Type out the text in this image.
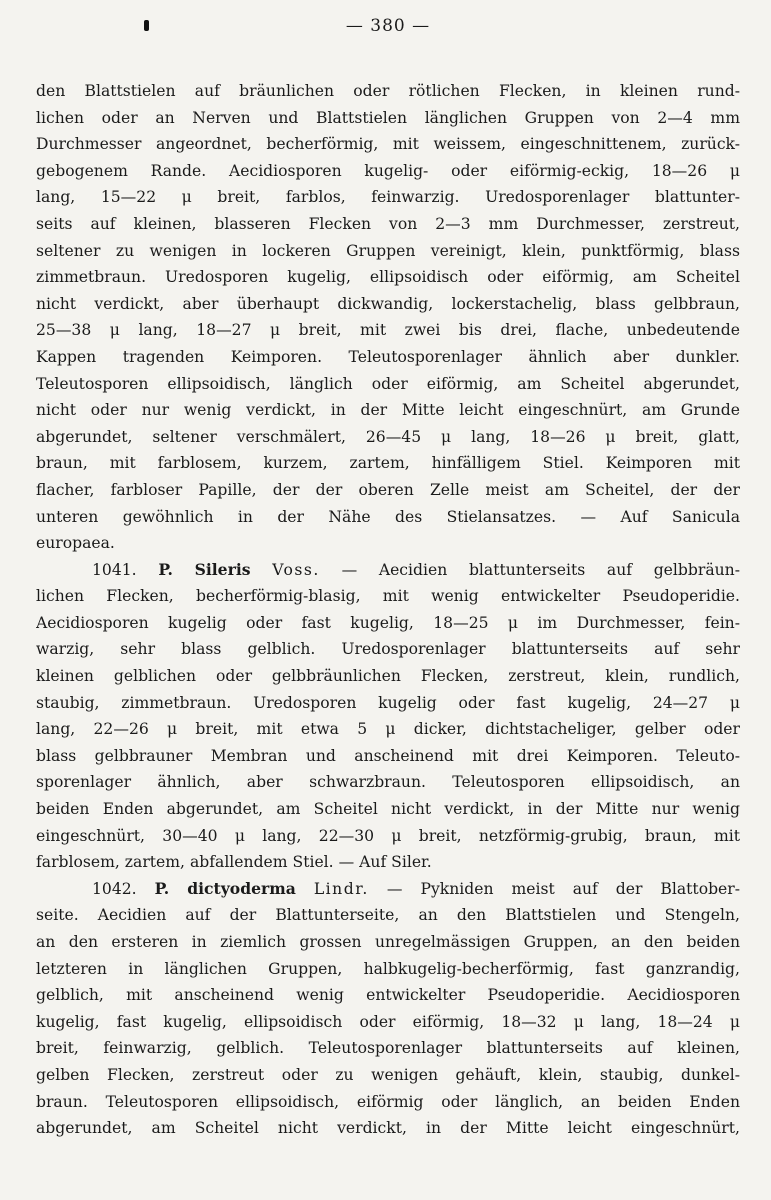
— 380 —
den Blattstielen auf bräunlichen oder rötlichen Flecken, in kleinen rund-
lichen oder an Nerven und Blattstielen länglichen Gruppen von 2—4 mm
Durchmesser angeordnet, becherförmig, mit weissem, eingeschnittenem, zurück-
gebogenem Rande. Aecidiosporen kugelig- oder eiförmig-eckig, 18—26 μ
lang, 15—22 μ breit, farblos, feinwarzig. Uredosporenlager blattunter-
seits auf kleinen, blasseren Flecken von 2—3 mm Durchmesser, zerstreut,
seltener zu wenigen in lockeren Gruppen vereinigt, klein, punktförmig, blass
zimmetbraun. Uredosporen kugelig, ellipsoidisch oder eiförmig, am Scheitel
nicht verdickt, aber überhaupt dickwandig, lockerstachelig, blass gelbbraun,
25—38 μ lang, 18—27 μ breit, mit zwei bis drei, flache, unbedeutende
Kappen tragenden Keimporen. Teleutosporenlager ähnlich aber dunkler.
Teleutosporen ellipsoidisch, länglich oder eiförmig, am Scheitel abgerundet,
nicht oder nur wenig verdickt, in der Mitte leicht eingeschnürt, am Grunde
abgerundet, seltener verschmälert, 26—45 μ lang, 18—26 μ breit, glatt,
braun, mit farblosem, kurzem, zartem, hinfälligem Stiel. Keimporen mit
flacher, farbloser Papille, der der oberen Zelle meist am Scheitel, der der
unteren gewöhnlich in der Nähe des Stielansatzes. — Auf Sanicula
europaea.
1041. P. Sileris Voss. — Aecidien blattunterseits auf gelbbräun-
lichen Flecken, becherförmig-blasig, mit wenig entwickelter Pseudoperidie.
Aecidiosporen kugelig oder fast kugelig, 18—25 μ im Durchmesser, fein-
warzig, sehr blass gelblich. Uredosporenlager blattunterseits auf sehr
kleinen gelblichen oder gelbbräunlichen Flecken, zerstreut, klein, rundlich,
staubig, zimmetbraun. Uredosporen kugelig oder fast kugelig, 24—27 μ
lang, 22—26 μ breit, mit etwa 5 μ dicker, dichtstacheliger, gelber oder
blass gelbbrauner Membran und anscheinend mit drei Keimporen. Teleuto-
sporenlager ähnlich, aber schwarzbraun. Teleutosporen ellipsoidisch, an
beiden Enden abgerundet, am Scheitel nicht verdickt, in der Mitte nur wenig
eingeschnürt, 30—40 μ lang, 22—30 μ breit, netzförmig-grubig, braun, mit
farblosem, zartem, abfallendem Stiel. — Auf Siler.
1042. P. dictyoderma Lindr. — Pykniden meist auf der Blattober-
seite. Aecidien auf der Blattunterseite, an den Blattstielen und Stengeln,
an den ersteren in ziemlich grossen unregelmässigen Gruppen, an den beiden
letzteren in länglichen Gruppen, halbkugelig-becherförmig, fast ganzrandig,
gelblich, mit anscheinend wenig entwickelter Pseudoperidie. Aecidiosporen
kugelig, fast kugelig, ellipsoidisch oder eiförmig, 18—32 μ lang, 18—24 μ
breit, feinwarzig, gelblich. Teleutosporenlager blattunterseits auf kleinen,
gelben Flecken, zerstreut oder zu wenigen gehäuft, klein, staubig, dunkel-
braun. Teleutosporen ellipsoidisch, eiförmig oder länglich, an beiden Enden
abgerundet, am Scheitel nicht verdickt, in der Mitte leicht eingeschnürt,
